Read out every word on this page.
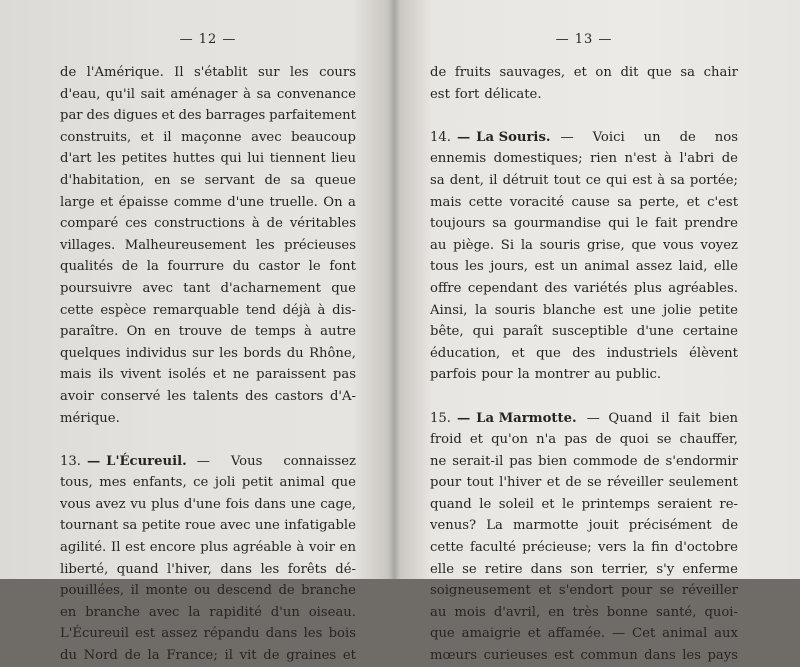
— 12 —
de l'Amérique. Il s'établit sur les cours
d'eau, qu'il sait aménager à sa convenance
par des digues et des barrages parfaitement
construits, et il maçonne avec beaucoup
d'art les petites huttes qui lui tiennent lieu
d'habitation, en se servant de sa queue
large et épaisse comme d'une truelle. On a
comparé ces constructions à de véritables
villages. Malheureusement les précieuses
qualités de la fourrure du castor le font
poursuivre avec tant d'acharnement que
cette espèce remarquable tend déjà à dis-
paraître. On en trouve de temps à autre
quelques individus sur les bords du Rhône,
mais ils vivent isolés et ne paraissent pas
avoir conservé les talents des castors d'A-
mérique.
13. — L'Écureuil. — Vous connaissez
tous, mes enfants, ce joli petit animal que
vous avez vu plus d'une fois dans une cage,
tournant sa petite roue avec une infatigable
agilité. Il est encore plus agréable à voir en
liberté, quand l'hiver, dans les forêts dé-
pouillées, il monte ou descend de branche
en branche avec la rapidité d'un oiseau.
L'Écureuil est assez répandu dans les bois
du Nord de la France; il vit de graines et
— 13 —
de fruits sauvages, et on dit que sa chair
est fort délicate.
14. — La Souris. — Voici un de nos
ennemis domestiques; rien n'est à l'abri de
sa dent, il détruit tout ce qui est à sa portée;
mais cette voracité cause sa perte, et c'est
toujours sa gourmandise qui le fait prendre
au piège. Si la souris grise, que vous voyez
tous les jours, est un animal assez laid, elle
offre cependant des variétés plus agréables.
Ainsi, la souris blanche est une jolie petite
bête, qui paraît susceptible d'une certaine
éducation, et que des industriels élèvent
parfois pour la montrer au public.
15. — La Marmotte. — Quand il fait bien
froid et qu'on n'a pas de quoi se chauffer,
ne serait-il pas bien commode de s'endormir
pour tout l'hiver et de se réveiller seulement
quand le soleil et le printemps seraient re-
venus? La marmotte jouit précisément de
cette faculté précieuse; vers la fin d'octobre
elle se retire dans son terrier, s'y enferme
soigneusement et s'endort pour se réveiller
au mois d'avril, en très bonne santé, quoi-
que amaigrie et affamée. — Cet animal aux
mœurs curieuses est commun dans les pays
